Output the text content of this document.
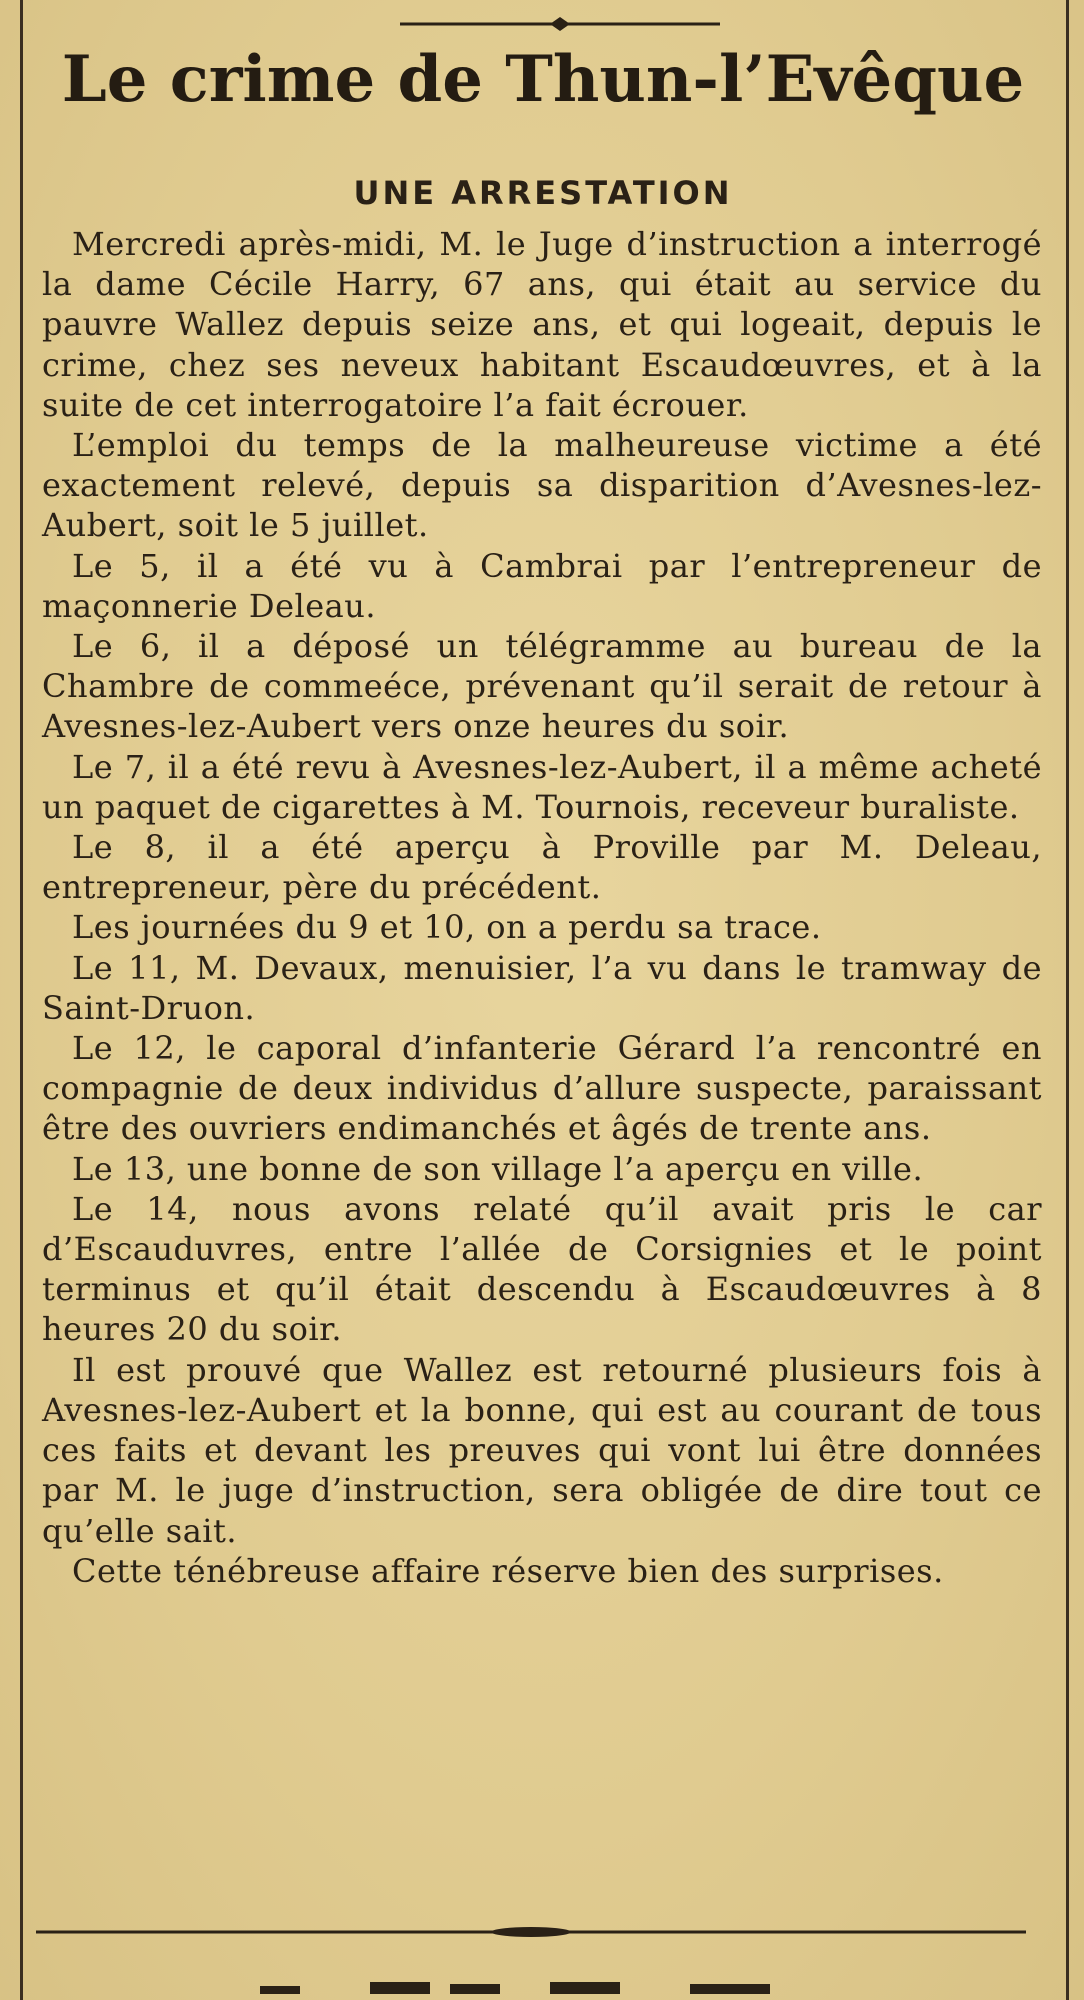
Le crime de Thun-l’Evêque
UNE ARRESTATION

Mercredi après-midi, M. le Juge d’instruction a interrogé la dame Cécile Harry, 67 ans, qui était au service du pauvre Wallez depuis seize ans, et qui logeait, depuis le crime, chez ses neveux habitant Escaudœuvres, et à la suite de cet interrogatoire l’a fait écrouer.

L’emploi du temps de la malheureuse victime a été exactement relevé, depuis sa disparition d’Avesnes-lez-Aubert, soit le 5 juillet.

Le 5, il a été vu à Cambrai par l’entrepreneur de maçonnerie Deleau.

Le 6, il a déposé un télégramme au bureau de la Chambre de commeéce, prévenant qu’il serait de retour à Avesnes-lez-Aubert vers onze heures du soir.

Le 7, il a été revu à Avesnes-lez-Aubert, il a même acheté un paquet de cigarettes à M. Tournois, receveur buraliste.

Le 8, il a été aperçu à Proville par M. Deleau, entrepreneur, père du précédent.

Les journées du 9 et 10, on a perdu sa trace.

Le 11, M. Devaux, menuisier, l’a vu dans le tramway de Saint-Druon.

Le 12, le caporal d’infanterie Gérard l’a rencontré en compagnie de deux individus d’allure suspecte, paraissant être des ouvriers endimanchés et âgés de trente ans.

Le 13, une bonne de son village l’a aperçu en ville.

Le 14, nous avons relaté qu’il avait pris le car d’Escauduvres, entre l’allée de Corsignies et le point terminus et qu’il était descendu à Escaudœuvres à 8 heures 20 du soir.

Il est prouvé que Wallez est retourné plusieurs fois à Avesnes-lez-Aubert et la bonne, qui est au courant de tous ces faits et devant les preuves qui vont lui être données par M. le juge d’instruction, sera obligée de dire tout ce qu’elle sait.

Cette ténébreuse affaire réserve bien des surprises.
